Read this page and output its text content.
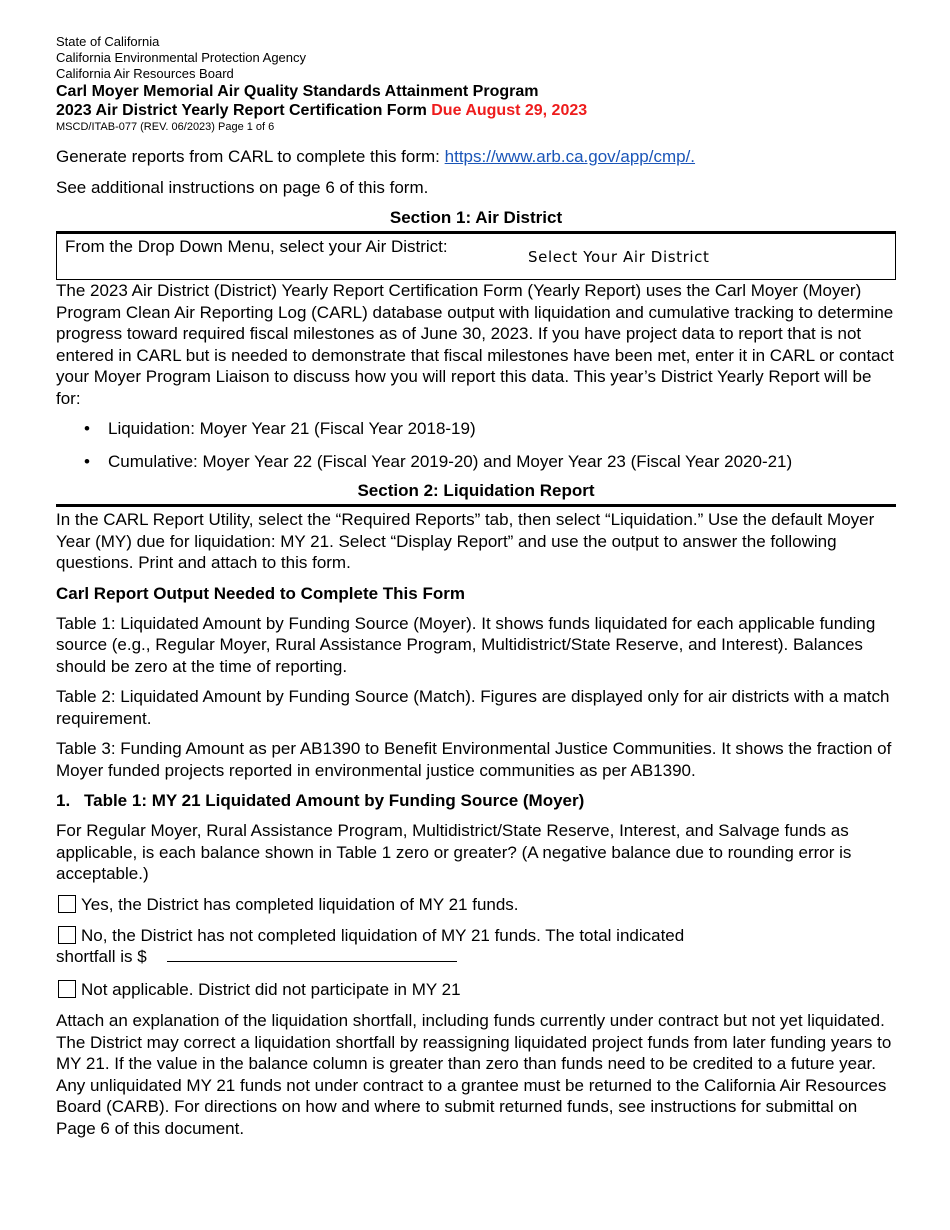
State of California

California Environmental Protection Agency

California Air Resources Board

Carl Moyer Memorial Air Quality Standards Attainment Program

2023 Air District Yearly Report Certification Form Due August 29, 2023

MSCD/ITAB-077 (REV. 06/2023) Page 1 of 6

Generate reports from CARL to complete this form: https://www.arb.ca.gov/app/cmp/.

See additional instructions on page 6 of this form.

Section 1: Air District
From the Drop Down Menu, select your Air District:
Select Your Air District

The 2023 Air District (District) Yearly Report Certification Form (Yearly Report) uses the Carl Moyer (Moyer) Program Clean Air Reporting Log (CARL) database output with liquidation and cumulative tracking to determine progress toward required fiscal milestones as of June 30, 2023. If you have project data to report that is not entered in CARL but is needed to demonstrate that fiscal milestones have been met, enter it in CARL or contact your Moyer Program Liaison to discuss how you will report this data. This year’s District Yearly Report will be for:

• Liquidation: Moyer Year 21 (Fiscal Year 2018-19)
• Cumulative: Moyer Year 22 (Fiscal Year 2019-20) and Moyer Year 23 (Fiscal Year 2020-21)
Section 2: Liquidation Report

In the CARL Report Utility, select the “Required Reports” tab, then select “Liquidation.” Use the default Moyer Year (MY) due for liquidation: MY 21. Select “Display Report” and use the output to answer the following questions. Print and attach to this form.

Carl Report Output Needed to Complete This Form

Table 1: Liquidated Amount by Funding Source (Moyer). It shows funds liquidated for each applicable funding source (e.g., Regular Moyer, Rural Assistance Program, Multidistrict/State Reserve, and Interest). Balances should be zero at the time of reporting.

Table 2: Liquidated Amount by Funding Source (Match). Figures are displayed only for air districts with a match requirement.

Table 3: Funding Amount as per AB1390 to Benefit Environmental Justice Communities. It shows the fraction of Moyer funded projects reported in environmental justice communities as per AB1390.

1. Table 1: MY 21 Liquidated Amount by Funding Source (Moyer)

For Regular Moyer, Rural Assistance Program, Multidistrict/State Reserve, Interest, and Salvage funds as applicable, is each balance shown in Table 1 zero or greater? (A negative balance due to rounding error is acceptable.)

Yes, the District has completed liquidation of MY 21 funds.
No, the District has not completed liquidation of MY 21 funds. The total indicated

shortfall is $

Not applicable. District did not participate in MY 21

Attach an explanation of the liquidation shortfall, including funds currently under contract but not yet liquidated. The District may correct a liquidation shortfall by reassigning liquidated project funds from later funding years to MY 21. If the value in the balance column is greater than zero than funds need to be credited to a future year. Any unliquidated MY 21 funds not under contract to a grantee must be returned to the California Air Resources Board (CARB). For directions on how and where to submit returned funds, see instructions for submittal on Page 6 of this document.
